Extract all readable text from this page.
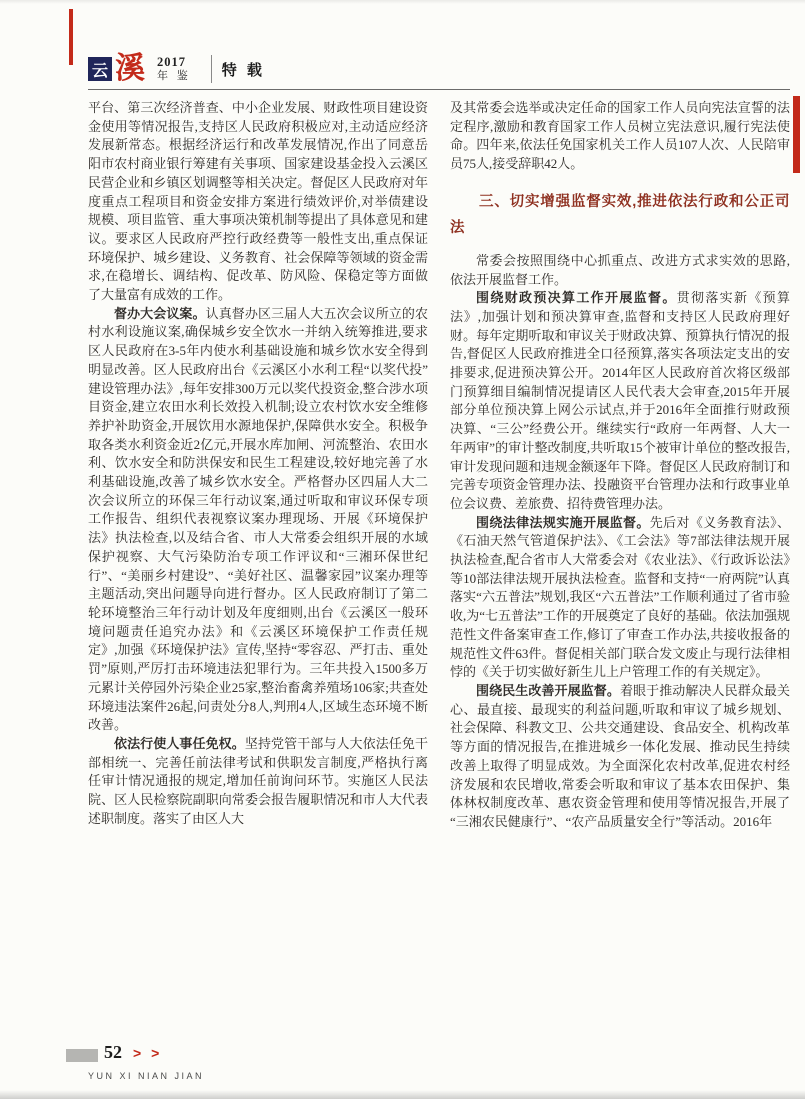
云 溪 2017
年 鉴 特 载

平台、第三次经济普查、中小企业发展、财政性项目建设资金使用等情况报告,支持区人民政府积极应对,主动适应经济发展新常态。根据经济运行和改革发展情况,作出了同意岳阳市农村商业银行筹建有关事项、国家建设基金投入云溪区民营企业和乡镇区划调整等相关决定。督促区人民政府对年度重点工程项目和资金安排方案进行绩效评价,对举债建设规模、项目监管、重大事项决策机制等提出了具体意见和建议。要求区人民政府严控行政经费等一般性支出,重点保证环境保护、城乡建设、义务教育、社会保障等领域的资金需求,在稳增长、调结构、促改革、防风险、保稳定等方面做了大量富有成效的工作。

督办大会议案。认真督办区三届人大五次会议所立的农村水利设施议案,确保城乡安全饮水一并纳入统筹推进,要求区人民政府在3-5年内使水利基础设施和城乡饮水安全得到明显改善。区人民政府出台《云溪区小水利工程“以奖代投”建设管理办法》,每年安排300万元以奖代投资金,整合涉水项目资金,建立农田水利长效投入机制;设立农村饮水安全维修养护补助资金,开展饮用水源地保护,保障供水安全。积极争取各类水利资金近2亿元,开展水库加闸、河流整治、农田水利、饮水安全和防洪保安和民生工程建设,较好地完善了水利基础设施,改善了城乡饮水安全。严格督办区四届人大二次会议所立的环保三年行动议案,通过听取和审议环保专项工作报告、组织代表视察议案办理现场、开展《环境保护法》执法检查,以及结合省、市人大常委会组织开展的水域保护视察、大气污染防治专项工作评议和“三湘环保世纪行”、“美丽乡村建设”、“美好社区、温馨家园”议案办理等主题活动,突出问题导向进行督办。区人民政府制订了第二轮环境整治三年行动计划及年度细则,出台《云溪区一般环境问题责任追究办法》和《云溪区环境保护工作责任规定》,加强《环境保护法》宣传,坚持“零容忍、严打击、重处罚”原则,严厉打击环境违法犯罪行为。三年共投入1500多万元累计关停园外污染企业25家,整治畜禽养殖场106家;共查处环境违法案件26起,问责处分8人,判刑4人,区域生态环境不断改善。

依法行使人事任免权。坚持党管干部与人大依法任免干部相统一、完善任前法律考试和供职发言制度,严格执行离任审计情况通报的规定,增加任前询问环节。实施区人民法院、区人民检察院副职向常委会报告履职情况和市人大代表述职制度。落实了由区人大

及其常委会选举或决定任命的国家工作人员向宪法宣誓的法定程序,激励和教育国家工作人员树立宪法意识,履行宪法使命。四年来,依法任免国家机关工作人员107人次、人民陪审员75人,接受辞职42人。

三、切实增强监督实效,推进依法行政和公正司法

常委会按照围绕中心抓重点、改进方式求实效的思路,依法开展监督工作。

围绕财政预决算工作开展监督。贯彻落实新《预算法》,加强计划和预决算审查,监督和支持区人民政府理好财。每年定期听取和审议关于财政决算、预算执行情况的报告,督促区人民政府推进全口径预算,落实各项法定支出的安排要求,促进预决算公开。2014年区人民政府首次将区级部门预算细目编制情况提请区人民代表大会审查,2015年开展部分单位预决算上网公示试点,并于2016年全面推行财政预决算、“三公”经费公开。继续实行“政府一年两督、人大一年两审”的审计整改制度,共听取15个被审计单位的整改报告,审计发现问题和违规金额逐年下降。督促区人民政府制订和完善专项资金管理办法、投融资平台管理办法和行政事业单位会议费、差旅费、招待费管理办法。

围绕法律法规实施开展监督。先后对《义务教育法》、《石油天然气管道保护法》、《工会法》等7部法律法规开展执法检查,配合省市人大常委会对《农业法》、《行政诉讼法》等10部法律法规开展执法检查。监督和支持“一府两院”认真落实“六五普法”规划,我区“六五普法”工作顺利通过了省市验收,为“七五普法”工作的开展奠定了良好的基础。依法加强规范性文件备案审查工作,修订了审查工作办法,共接收报备的规范性文件63件。督促相关部门联合发文废止与现行法律相悖的《关于切实做好新生儿上户管理工作的有关规定》。

围绕民生改善开展监督。着眼于推动解决人民群众最关心、最直接、最现实的利益问题,听取和审议了城乡规划、社会保障、科教文卫、公共交通建设、食品安全、机构改革等方面的情况报告,在推进城乡一体化发展、推动民生持续改善上取得了明显成效。为全面深化农村改革,促进农村经济发展和农民增收,常委会听取和审议了基本农田保护、集体林权制度改革、惠农资金管理和使用等情况报告,开展了“三湘农民健康行”、“农产品质量安全行”等活动。2016年

52 > >
YUN XI NIAN JIAN
